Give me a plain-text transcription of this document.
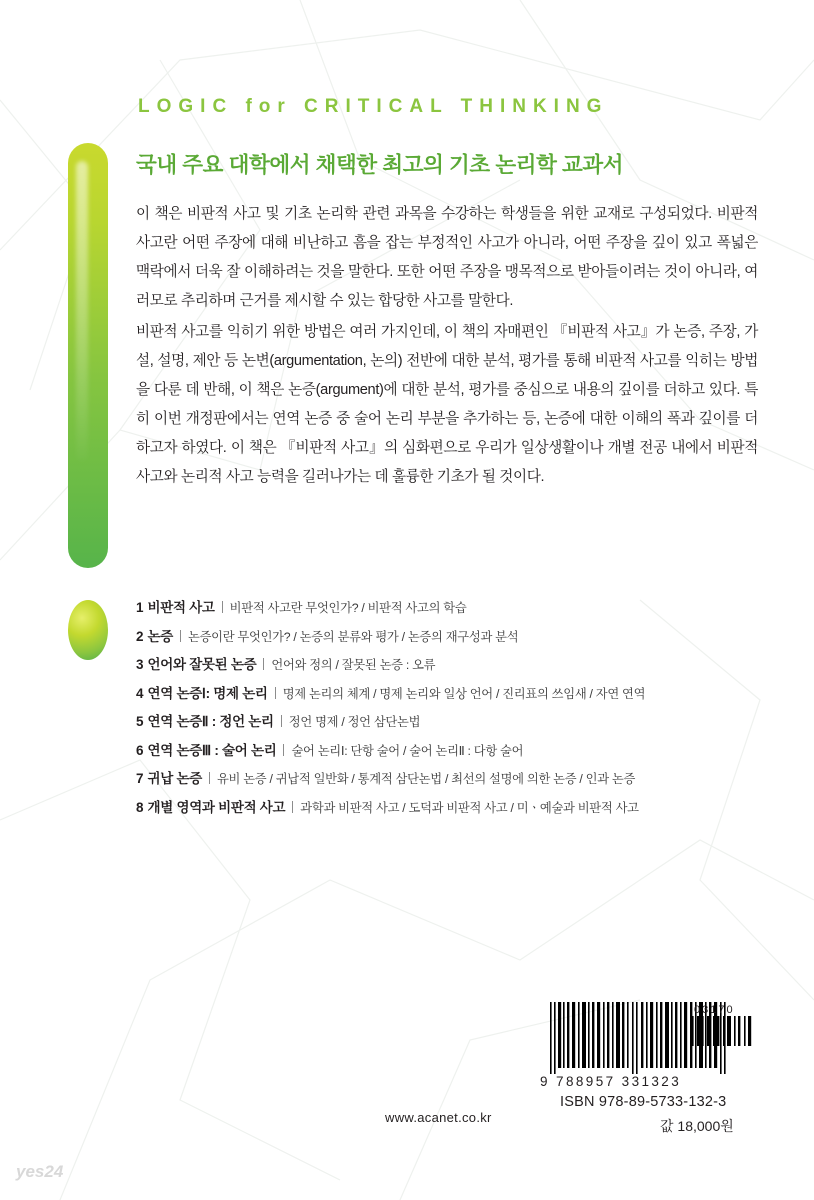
LOGIC for CRITICAL THINKING
국내 주요 대학에서 채택한 최고의 기초 논리학 교과서

이 책은 비판적 사고 및 기초 논리학 관련 과목을 수강하는 학생들을 위한 교재로 구성되었다. 비판적 사고란 어떤 주장에 대해 비난하고 흠을 잡는 부정적인 사고가 아니라, 어떤 주장을 깊이 있고 폭넓은 맥락에서 더욱 잘 이해하려는 것을 말한다. 또한 어떤 주장을 맹목적으로 받아들이려는 것이 아니라, 여러모로 추리하며 근거를 제시할 수 있는 합당한 사고를 말한다.

비판적 사고를 익히기 위한 방법은 여러 가지인데, 이 책의 자매편인 『비판적 사고』가 논증, 주장, 가설, 설명, 제안 등 논변(argumentation, 논의) 전반에 대한 분석, 평가를 통해 비판적 사고를 익히는 방법을 다룬 데 반해, 이 책은 논증(argument)에 대한 분석, 평가를 중심으로 내용의 깊이를 더하고 있다. 특히 이번 개정판에서는 연역 논증 중 술어 논리 부분을 추가하는 등, 논증에 대한 이해의 폭과 깊이를 더하고자 하였다. 이 책은 『비판적 사고』의 심화편으로 우리가 일상생활이나 개별 전공 내에서 비판적 사고와 논리적 사고 능력을 길러나가는 데 훌륭한 기초가 될 것이다.

1 비판적 사고 비판적 사고란 무엇인가? / 비판적 사고의 학습
2 논증 논증이란 무엇인가? / 논증의 분류와 평가 / 논증의 재구성과 분석
3 언어와 잘못된 논증 언어와 정의 / 잘못된 논증 : 오류
4 연역 논증Ⅰ: 명제 논리 명제 논리의 체계 / 명제 논리와 일상 언어 / 진리표의 쓰임새 / 자연 연역
5 연역 논증Ⅱ : 정언 논리 정언 명제 / 정언 삼단논법
6 연역 논증Ⅲ : 술어 논리 술어 논리Ⅰ: 단항 술어 / 술어 논리Ⅱ : 다항 술어
7 귀납 논증 유비 논증 / 귀납적 일반화 / 통계적 삼단논법 / 최선의 설명에 의한 논증 / 인과 논증
8 개별 영역과 비판적 사고 과학과 비판적 사고 / 도덕과 비판적 사고 / 미ㆍ예술과 비판적 사고
03170
9 788957 331323
www.acanet.co.kr
ISBN 978-89-5733-132-3
값 18,000원
yes24
